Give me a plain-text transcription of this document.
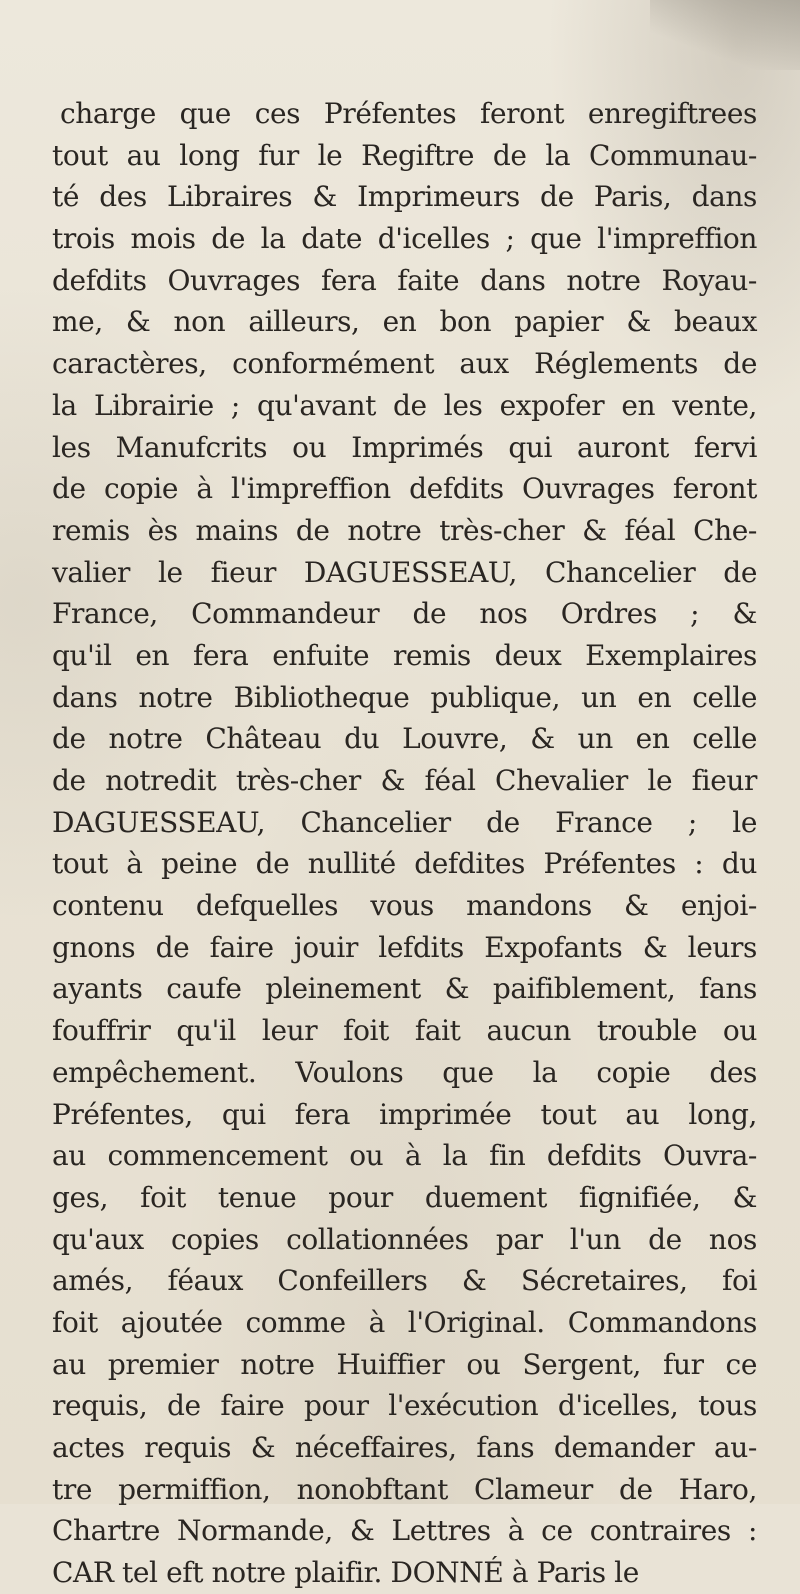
charge que ces Préfentes feront enregiftrees
tout au long fur le Regiftre de la Communau-
té des Libraires & Imprimeurs de Paris, dans
trois mois de la date d'icelles ; que l'impreffion
defdits Ouvrages fera faite dans notre Royau-
me, & non ailleurs, en bon papier & beaux
caractères, conformément aux Réglements de
la Librairie ; qu'avant de les expofer en vente,
les Manufcrits ou Imprimés qui auront fervi
de copie à l'impreffion defdits Ouvrages feront
remis ès mains de notre très-cher & féal Che-
valier le fieur DAGUESSEAU, Chancelier de
France, Commandeur de nos Ordres ; &
qu'il en fera enfuite remis deux Exemplaires
dans notre Bibliotheque publique, un en celle
de notre Château du Louvre, & un en celle
de notredit très-cher & féal Chevalier le fieur
DAGUESSEAU, Chancelier de France ; le
tout à peine de nullité defdites Préfentes : du
contenu defquelles vous mandons & enjoi-
gnons de faire jouir lefdits Expofants & leurs
ayants caufe pleinement & paifiblement, fans
fouffrir qu'il leur foit fait aucun trouble ou
empêchement. Voulons que la copie des
Préfentes, qui fera imprimée tout au long,
au commencement ou à la fin defdits Ouvra-
ges, foit tenue pour duement fignifiée, &
qu'aux copies collationnées par l'un de nos
amés, féaux Confeillers & Sécretaires, foi
foit ajoutée comme à l'Original. Commandons
au premier notre Huiffier ou Sergent, fur ce
requis, de faire pour l'exécution d'icelles, tous
actes requis & néceffaires, fans demander au-
tre permiffion, nonobftant Clameur de Haro,
Chartre Normande, & Lettres à ce contraires :
CAR tel eft notre plaifir. DONNÉ à Paris le
